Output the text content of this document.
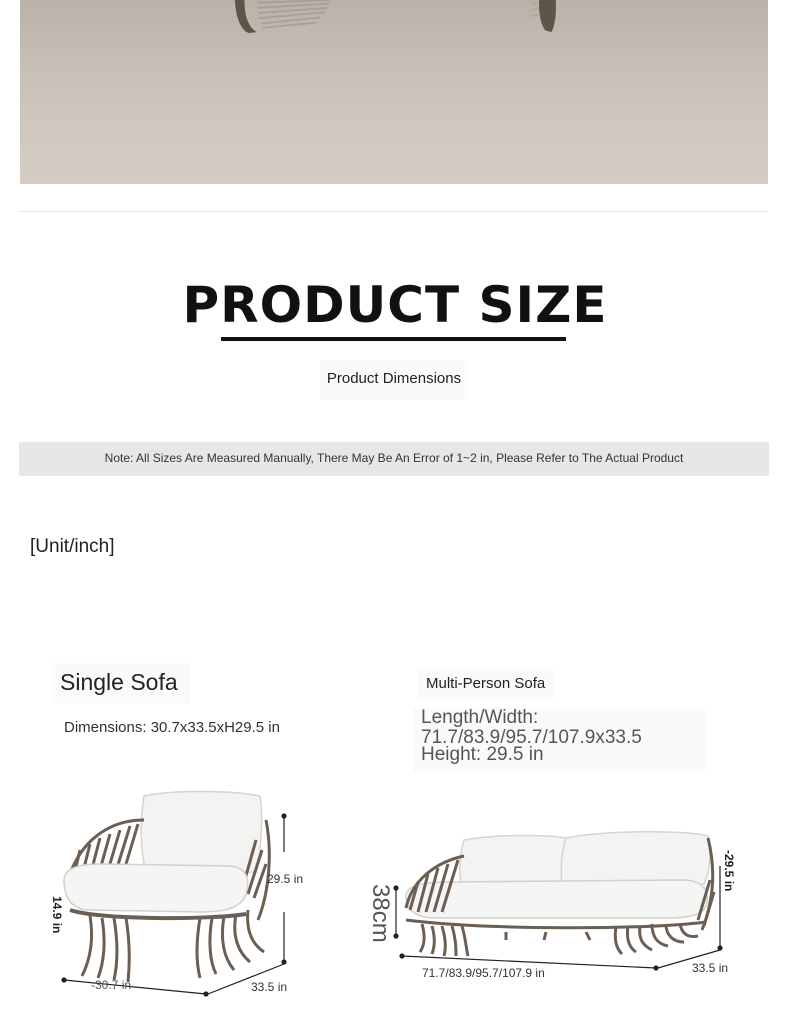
PRODUCT SIZE
Product Dimensions
Note: All Sizes Are Measured Manually, There May Be An Error of 1~2 in, Please Refer to The Actual Product
[Unit/inch]
Single Sofa
Dimensions: 30.7x33.5xH29.5 in
29.5 in
14.9 in
-30.7 in	33.5 in
Multi-Person Sofa
Length/Width:
71.7/83.9/95.7/107.9x33.5
Height: 29.5 in
38cm
-29.5 in
71.7/83.9/95.7/107.9 in	33.5 in
